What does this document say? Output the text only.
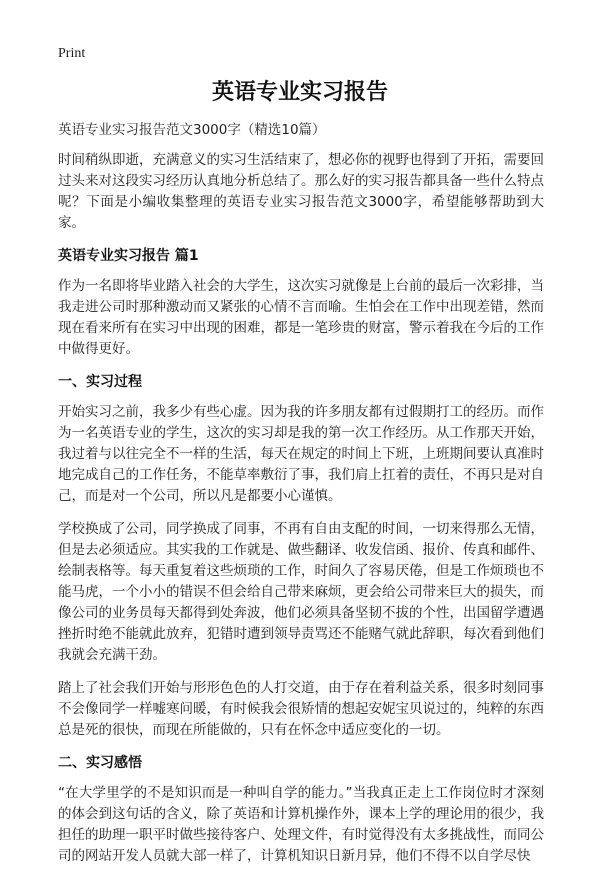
Print
英语专业实习报告

英语专业实习报告范文3000字（精选10篇）

时间稍纵即逝，充满意义的实习生活结束了，想必你的视野也得到了开拓，需要回过头来对这段实习经历认真地分析总结了。那么好的实习报告都具备一些什么特点呢？下面是小编收集整理的英语专业实习报告范文3000字，希望能够帮助到大家。

英语专业实习报告 篇1

作为一名即将毕业踏入社会的大学生，这次实习就像是上台前的最后一次彩排，当我走进公司时那种激动而又紧张的心情不言而喻。生怕会在工作中出现差错，然而现在看来所有在实习中出现的困难，都是一笔珍贵的财富，警示着我在今后的工作中做得更好。

一、实习过程

开始实习之前，我多少有些心虚。因为我的许多朋友都有过假期打工的经历。而作为一名英语专业的学生，这次的实习却是我的第一次工作经历。从工作那天开始，我过着与以往完全不一样的生活，每天在规定的时间上下班，上班期间要认真准时地完成自己的工作任务，不能草率敷衍了事，我们肩上扛着的责任，不再只是对自己，而是对一个公司，所以凡是都要小心谨慎。

学校换成了公司，同学换成了同事，不再有自由支配的时间，一切来得那么无情，但是去必须适应。其实我的工作就是、做些翻译、收发信函、报价、传真和邮件、绘制表格等。每天重复着这些烦琐的工作，时间久了容易厌倦，但是工作烦琐也不能马虎，一个小小的错误不但会给自己带来麻烦，更会给公司带来巨大的损失，而像公司的业务员每天都得到处奔波，他们必须具备坚韧不拔的个性，出国留学遭遇挫折时绝不能就此放弃，犯错时遭到领导责骂还不能赌气就此辞职，每次看到他们我就会充满干劲。

踏上了社会我们开始与形形色色的人打交道，由于存在着利益关系，很多时刻同事不会像同学一样嘘寒问暖，有时候我会很矫情的想起安妮宝贝说过的，纯粹的东西总是死的很快，而现在所能做的，只有在怀念中适应变化的一切。

二、实习感悟

“在大学里学的不是知识而是一种叫自学的能力。”当我真正走上工作岗位时才深刻的体会到这句话的含义，除了英语和计算机操作外，课本上学的理论用的很少，我担任的助理一职平时做些接待客户、处理文件，有时觉得没有太多挑战性，而同公司的网站开发人员就大部一样了，计算机知识日新月异，他们不得不以自学尽快
